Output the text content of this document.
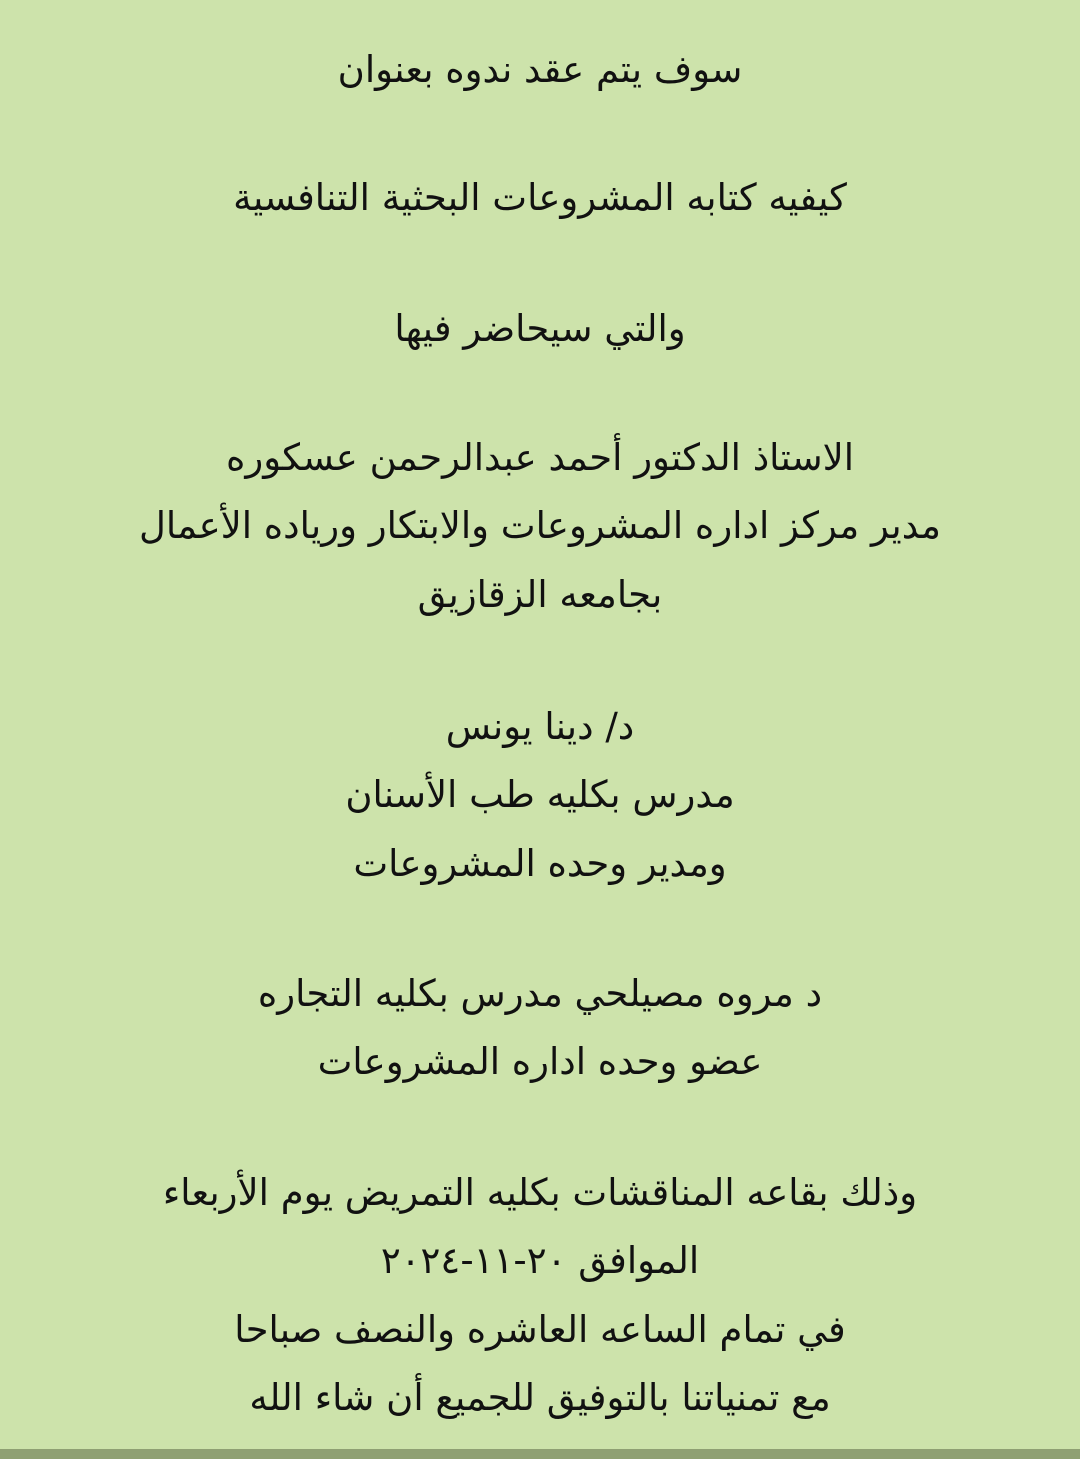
سوف يتم عقد ندوه بعنوان
كيفيه كتابه المشروعات البحثية التنافسية
والتي سيحاضر فيها
الاستاذ الدكتور أحمد عبدالرحمن عسكوره
مدير مركز اداره المشروعات والابتكار ورياده الأعمال
بجامعه الزقازيق
د/ دينا يونس
مدرس بكليه طب الأسنان
ومدير وحده المشروعات
د مروه مصيلحي مدرس بكليه التجاره
عضو وحده اداره المشروعات
وذلك بقاعه المناقشات بكليه التمريض يوم الأربعاء
الموافق ٢٠-١١-٢٠٢٤
في تمام الساعه العاشره والنصف صباحا
مع تمنياتنا بالتوفيق للجميع أن شاء الله
